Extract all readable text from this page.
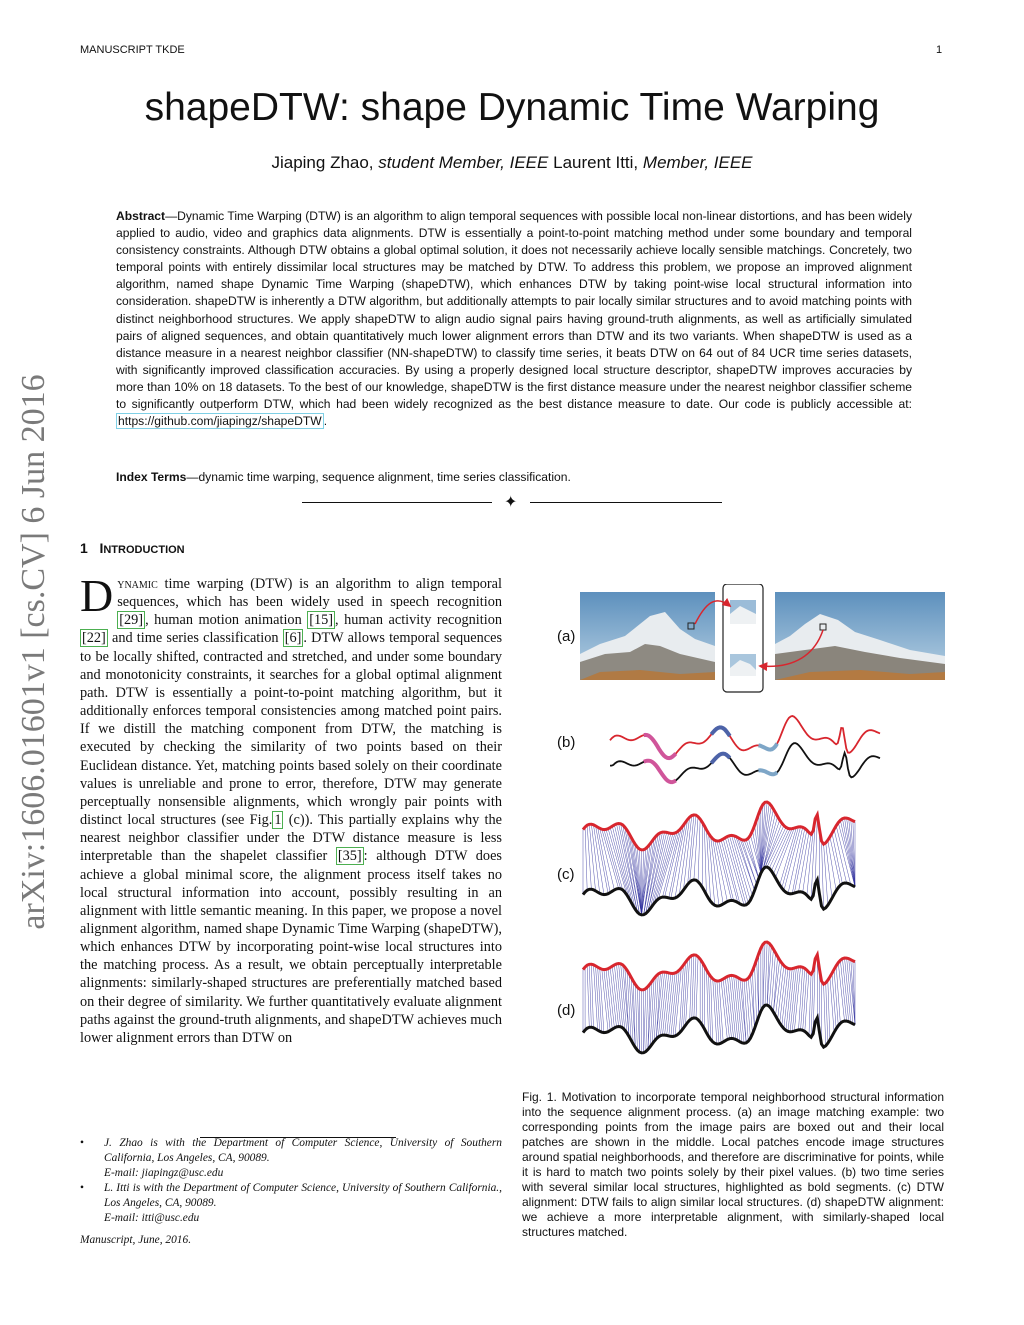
MANUSCRIPT TKDE	1
shapeDTW: shape Dynamic Time Warping
Jiaping Zhao, student Member, IEEE Laurent Itti, Member, IEEE
Abstract—Dynamic Time Warping (DTW) is an algorithm to align temporal sequences with possible local non-linear distortions, and has been widely applied to audio, video and graphics data alignments. DTW is essentially a point-to-point matching method under some boundary and temporal consistency constraints. Although DTW obtains a global optimal solution, it does not necessarily achieve locally sensible matchings. Concretely, two temporal points with entirely dissimilar local structures may be matched by DTW. To address this problem, we propose an improved alignment algorithm, named shape Dynamic Time Warping (shapeDTW), which enhances DTW by taking point-wise local structural information into consideration. shapeDTW is inherently a DTW algorithm, but additionally attempts to pair locally similar structures and to avoid matching points with distinct neighborhood structures. We apply shapeDTW to align audio signal pairs having ground-truth alignments, as well as artificially simulated pairs of aligned sequences, and obtain quantitatively much lower alignment errors than DTW and its two variants. When shapeDTW is used as a distance measure in a nearest neighbor classifier (NN-shapeDTW) to classify time series, it beats DTW on 64 out of 84 UCR time series datasets, with significantly improved classification accuracies. By using a properly designed local structure descriptor, shapeDTW improves accuracies by more than 10% on 18 datasets. To the best of our knowledge, shapeDTW is the first distance measure under the nearest neighbor classifier scheme to significantly outperform DTW, which had been widely recognized as the best distance measure to date. Our code is publicly accessible at: https://github.com/jiapingz/shapeDTW .
Index Terms—dynamic time warping, sequence alignment, time series classification.
✦
arXiv:1606.01601v1 [cs.CV] 6 Jun 2016 1 INTRODUCTION

Dynamic time warping (DTW) is an algorithm to align temporal sequences, which has been widely used in speech recognition [29] , human motion animation [15] , human activity recognition [22] and time series classification [6] . DTW allows temporal sequences to be locally shifted, contracted and stretched, and under some boundary and monotonicity constraints, it searches for a global optimal alignment path. DTW is essentially a point-to-point matching algorithm, but it additionally enforces temporal consistencies among matched point pairs. If we distill the matching component from DTW, the matching is executed by checking the similarity of two points based on their Euclidean distance. Yet, matching points based solely on their coordinate values is unreliable and prone to error, therefore, DTW may generate perceptually nonsensible alignments, which wrongly pair points with distinct local structures (see Fig. 1 (c)). This partially explains why the nearest neighbor classifier under the DTW distance measure is less interpretable than the shapelet classifier [35] : although DTW does achieve a global minimal score, the alignment process itself takes no local structural information into account, possibly resulting in an alignment with little semantic meaning. In this paper, we propose a novel alignment algorithm, named shape Dynamic Time Warping (shapeDTW), which enhances DTW by incorporating point-wise local structures into the matching process. As a result, we obtain perceptually interpretable alignments: similarly-shaped structures are preferentially matched based on their degree of similarity. We further quantitatively evaluate alignment paths against the ground-truth alignments, and shapeDTW achieves much lower alignment errors than DTW on

• J. Zhao is with the Department of Computer Science, University of Southern California, Los Angeles, CA, 90089.
E-mail: jiapingz@usc.edu
• L. Itti is with the Department of Computer Science, University of Southern California., Los Angeles, CA, 90089.
E-mail: itti@usc.edu
Manuscript, June, 2016.
(a)
(b)
(c)
(d)
Fig. 1. Motivation to incorporate temporal neighborhood structural information into the sequence alignment process. (a) an image matching example: two corresponding points from the image pairs are boxed out and their local patches are shown in the middle. Local patches encode image structures around spatial neighborhoods, and therefore are discriminative for points, while it is hard to match two points solely by their pixel values. (b) two time series with several similar local structures, highlighted as bold segments. (c) DTW alignment: DTW fails to align similar local structures. (d) shapeDTW alignment: we achieve a more interpretable alignment, with similarly-shaped local structures matched.
